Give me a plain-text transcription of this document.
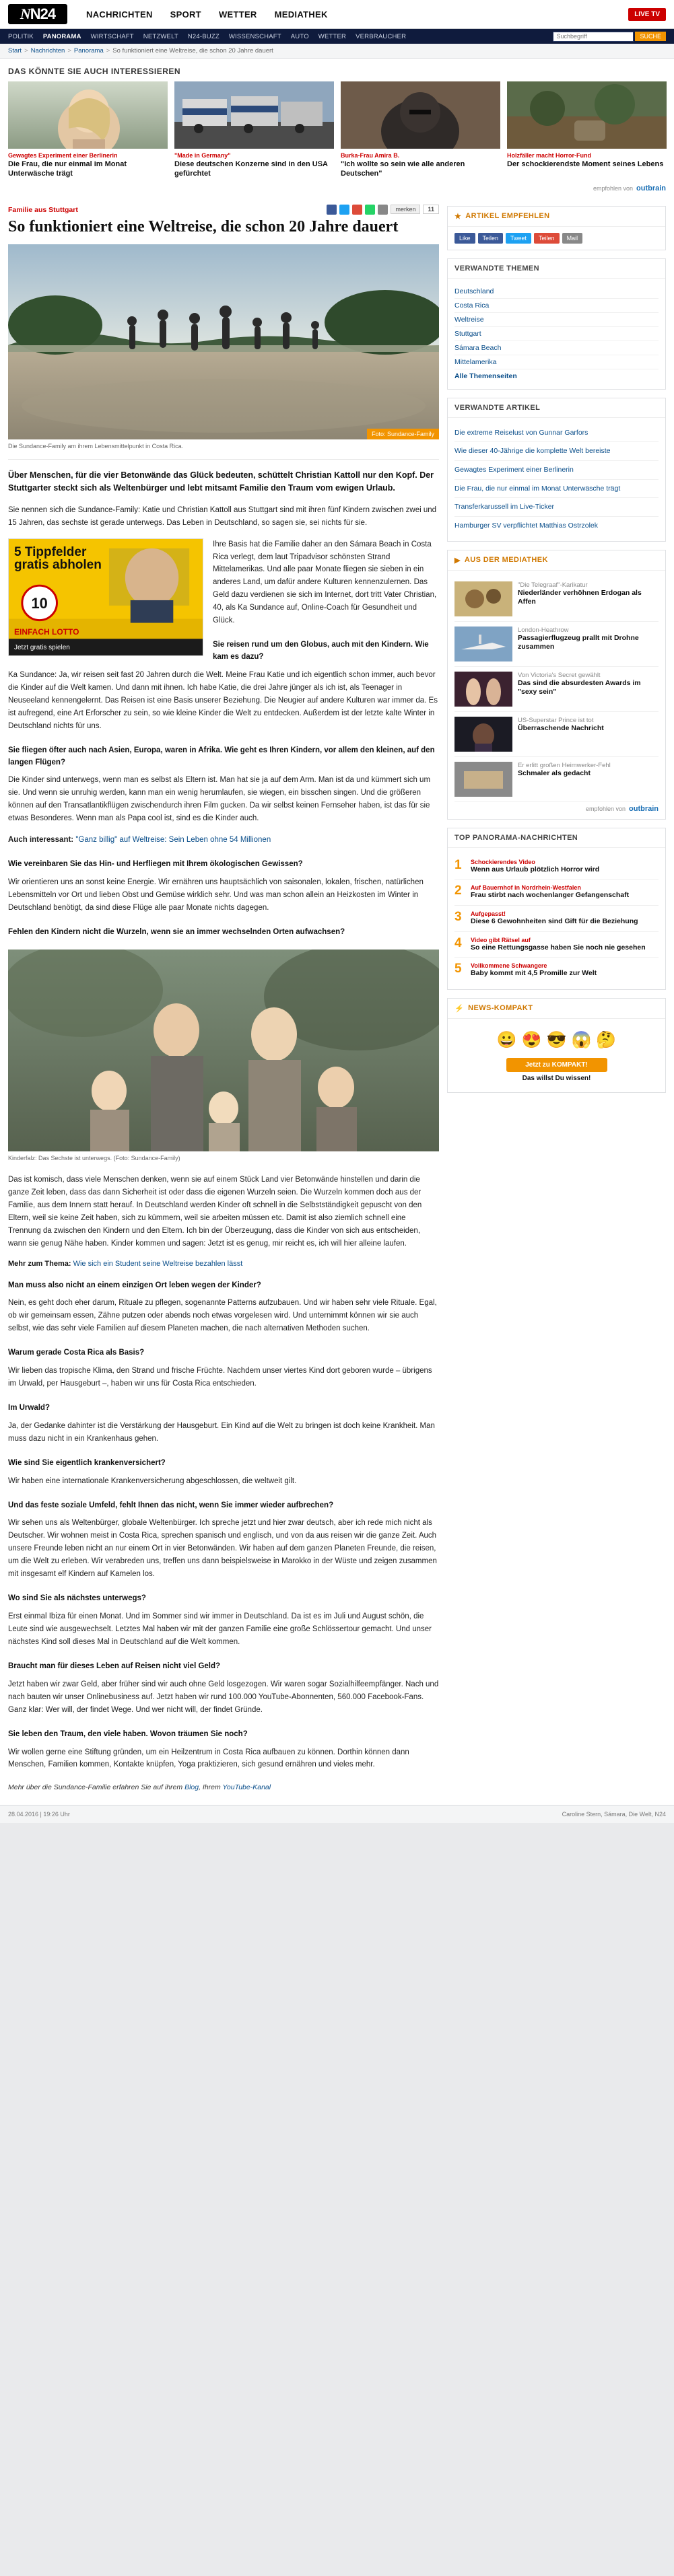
N N24	NACHRICHTEN SPORT WETTER MEDIATHEK	LIVE TV
POLITIK PANORAMA WIRTSCHAFT NETZWELT N24-BUZZ WISSENSCHAFT AUTO WETTER VERBRAUCHER
Suchbegriff	SUCHE
Start > Nachrichten > Panorama > So funktioniert eine Weltreise, die schon 20 Jahre dauert
DAS KÖNNTE SIE AUCH INTERESSIEREN
Gewagtes Experiment einer Berlinerin
Die Frau, die nur einmal im Monat Unterwäsche trägt
"Made in Germany"
Diese deutschen Konzerne sind in den USA gefürchtet
Burka-Frau Amira B.
"Ich wollte so sein wie alle anderen Deutschen"
Holzfäller macht Horror-Fund
Der schockierendste Moment seines Lebens
empfohlen von outbrain
merken	11
Familie aus Stuttgart
So funktioniert eine Weltreise, die schon 20 Jahre dauert
Foto: Sundance-Family
Die Sundance-Family am ihrem Lebensmittelpunkt in Costa Rica.
Über Menschen, für die vier Betonwände das Glück bedeuten, schüttelt Christian Kattoll nur den Kopf. Der Stuttgarter steckt sich als Weltenbürger und lebt mitsamt Familie den Traum vom ewigen Urlaub.

Sie nennen sich die Sundance-Family: Katie und Christian Kattoll aus Stuttgart sind mit ihren fünf Kindern zwischen zwei und 15 Jahren, das sechste ist gerade unterwegs. Das Leben in Deutschland, so sagen sie, sei nichts für sie.

10
5 Tippfelder gratis abholen
EINFACH LOTTO
Jetzt gratis spielen

Ihre Basis hat die Familie daher an den Sámara Beach in Costa Rica verlegt, dem laut Tripadvisor schönsten Strand Mittelamerikas. Und alle paar Monate fliegen sie sieben in ein anderes Land, um dafür andere Kulturen kennenzulernen. Das Geld dazu verdienen sie sich im Internet, dort tritt Vater Christian, 40, als Ka Sundance auf, Online-Coach für Gesundheit und Glück.

Sie reisen rund um den Globus, auch mit den Kindern. Wie kam es dazu?

Ka Sundance: Ja, wir reisen seit fast 20 Jahren durch die Welt. Meine Frau Katie und ich eigentlich schon immer, auch bevor die Kinder auf die Welt kamen. Und dann mit ihnen. Ich habe Katie, die drei Jahre jünger als ich ist, als Teenager in Neuseeland kennengelernt. Das Reisen ist eine Basis unserer Beziehung. Die Neugier auf andere Kulturen war immer da. Es ist aufregend, eine Art Erforscher zu sein, so wie kleine Kinder die Welt zu entdecken. Außerdem ist der letzte kalte Winter in Deutschland nichts für uns.

Sie fliegen öfter auch nach Asien, Europa, waren in Afrika. Wie geht es Ihren Kindern, vor allem den kleinen, auf den langen Flügen?

Die Kinder sind unterwegs, wenn man es selbst als Eltern ist. Man hat sie ja auf dem Arm. Man ist da und kümmert sich um sie. Und wenn sie unruhig werden, kann man ein wenig herumlaufen, sie wiegen, ein bisschen singen. Und die größeren können auf den Transatlantikflügen zwischendurch ihren Film gucken. Da wir selbst keinen Fernseher haben, ist das für sie etwas Besonderes. Wenn man als Papa cool ist, sind es die Kinder auch.

Auch interessant: "Ganz billig" auf Weltreise: Sein Leben ohne 54 Millionen

Wie vereinbaren Sie das Hin- und Herfliegen mit Ihrem ökologischen Gewissen?

Wir orientieren uns an sonst keine Energie. Wir ernähren uns hauptsächlich von saisonalen, lokalen, frischen, natürlichen Lebensmitteln vor Ort und lieben Obst und Gemüse wirklich sehr. Und was man schon allein an Heizkosten im Winter in Deutschland benötigt, da sind diese Flüge alle paar Monate nichts dagegen.

Fehlen den Kindern nicht die Wurzeln, wenn sie an immer wechselnden Orten aufwachsen?
Kinderfalz: Das Sechste ist unterwegs. (Foto: Sundance-Family)

Das ist komisch, dass viele Menschen denken, wenn sie auf einem Stück Land vier Betonwände hinstellen und darin die ganze Zeit leben, dass das dann Sicherheit ist oder dass die eigenen Wurzeln seien. Die Wurzeln kommen doch aus der Familie, aus dem Innern statt herauf. In Deutschland werden Kinder oft schnell in die Selbstständigkeit gepuscht von den Eltern, weil sie keine Zeit haben, sich zu kümmern, weil sie arbeiten müssen etc. Damit ist also ziemlich schnell eine Trennung da zwischen den Kindern und den Eltern. Ich bin der Überzeugung, dass die Kinder von sich aus entscheiden, wann sie genug Nähe haben. Kinder kommen und sagen: Jetzt ist es genug, mir reicht es, ich will hier alleine laufen.

Mehr zum Thema: Wie sich ein Student seine Weltreise bezahlen lässt
Man muss also nicht an einem einzigen Ort leben wegen der Kinder?

Nein, es geht doch eher darum, Rituale zu pflegen, sogenannte Patterns aufzubauen. Und wir haben sehr viele Rituale. Egal, ob wir gemeinsam essen, Zähne putzen oder abends noch etwas vorgelesen wird. Und unternimmt können wir sie auch selbst, wie das sehr viele Familien auf diesem Planeten machen, die nach alternativen Methoden suchen.

Warum gerade Costa Rica als Basis?

Wir lieben das tropische Klima, den Strand und frische Früchte. Nachdem unser viertes Kind dort geboren wurde – übrigens im Urwald, per Hausgeburt –, haben wir uns für Costa Rica entschieden.

Im Urwald?

Ja, der Gedanke dahinter ist die Verstärkung der Hausgeburt. Ein Kind auf die Welt zu bringen ist doch keine Krankheit. Man muss dazu nicht in ein Krankenhaus gehen.

Wie sind Sie eigentlich krankenversichert?

Wir haben eine internationale Krankenversicherung abgeschlossen, die weltweit gilt.

Und das feste soziale Umfeld, fehlt Ihnen das nicht, wenn Sie immer wieder aufbrechen?

Wir sehen uns als Weltenbürger, globale Weltenbürger. Ich spreche jetzt und hier zwar deutsch, aber ich rede mich nicht als Deutscher. Wir wohnen meist in Costa Rica, sprechen spanisch und englisch, und von da aus reisen wir die ganze Zeit. Auch unsere Freunde leben nicht an nur einem Ort in vier Betonwänden. Wir haben auf dem ganzen Planeten Freunde, die reisen, um die Welt zu erleben. Wir verabreden uns, treffen uns dann beispielsweise in Marokko in der Wüste und zeigen zusammen mit insgesamt elf Kindern auf Kamelen los.

Wo sind Sie als nächstes unterwegs?

Erst einmal Ibiza für einen Monat. Und im Sommer sind wir immer in Deutschland. Da ist es im Juli und August schön, die Leute sind wie ausgewechselt. Letztes Mal haben wir mit der ganzen Familie eine große Schlössertour gemacht. Und unser nächstes Kind soll dieses Mal in Deutschland auf die Welt kommen.

Braucht man für dieses Leben auf Reisen nicht viel Geld?

Jetzt haben wir zwar Geld, aber früher sind wir auch ohne Geld losgezogen. Wir waren sogar Sozialhilfeempfänger. Nach und nach bauten wir unser Onlinebusiness auf. Jetzt haben wir rund 100.000 YouTube-Abonnenten, 560.000 Facebook-Fans. Ganz klar: Wer will, der findet Wege. Und wer nicht will, der findet Gründe.

Sie leben den Traum, den viele haben. Wovon träumen Sie noch?

Wir wollen gerne eine Stiftung gründen, um ein Heilzentrum in Costa Rica aufbauen zu können. Dorthin können dann Menschen, Familien kommen, Kontakte knüpfen, Yoga praktizieren, sich gesund ernähren und vieles mehr.

Mehr über die Sundance-Familie erfahren Sie auf ihrem Blog, Ihrem YouTube-Kanal
★ ARTIKEL EMPFEHLEN
Like	Teilen	Tweet	Teilen	Mail
VERWANDTE THEMEN
Deutschland
Costa Rica
Weltreise
Stuttgart
Sámara Beach
Mittelamerika
Alle Themenseiten
VERWANDTE ARTIKEL
Die extreme Reiselust von Gunnar Garfors
Wie dieser 40-Jährige die komplette Welt bereiste
Gewagtes Experiment einer Berlinerin
Die Frau, die nur einmal im Monat Unterwäsche trägt
Transferkarussell im Live-Ticker
Hamburger SV verpflichtet Matthias Ostrzolek
▶ AUS DER MEDIATHEK
"Die Telegraaf"-Karikatur
Niederländer verhöhnen Erdogan als Affen
London-Heathrow
Passagierflugzeug prallt mit Drohne zusammen
Von Victoria's Secret gewählt
Das sind die absurdesten Awards im "sexy sein"
US-Superstar Prince ist tot
Überraschende Nachricht
Er erlitt großen Heimwerker-Fehl
Schmaler als gedacht
empfohlen von outbrain
TOP PANORAMA-NACHRICHTEN
1	Schockierendes Video
Wenn aus Urlaub plötzlich Horror wird
2	Auf Bauernhof in Nordrhein-Westfalen
Frau stirbt nach wochenlanger Gefangenschaft
3	Aufgepasst!
Diese 6 Gewohnheiten sind Gift für die Beziehung
4	Video gibt Rätsel auf
So eine Rettungsgasse haben Sie noch nie gesehen
5	Vollkommene Schwangere
Baby kommt mit 4,5 Promille zur Welt
⚡ NEWS-KOMPAKT
😀 😍 😎 😱 🤔
Jetzt zu KOMPAKT!
Das willst Du wissen!
28.04.2016 | 19:26 Uhr	Caroline Stern, Sámara, Die Welt, N24
